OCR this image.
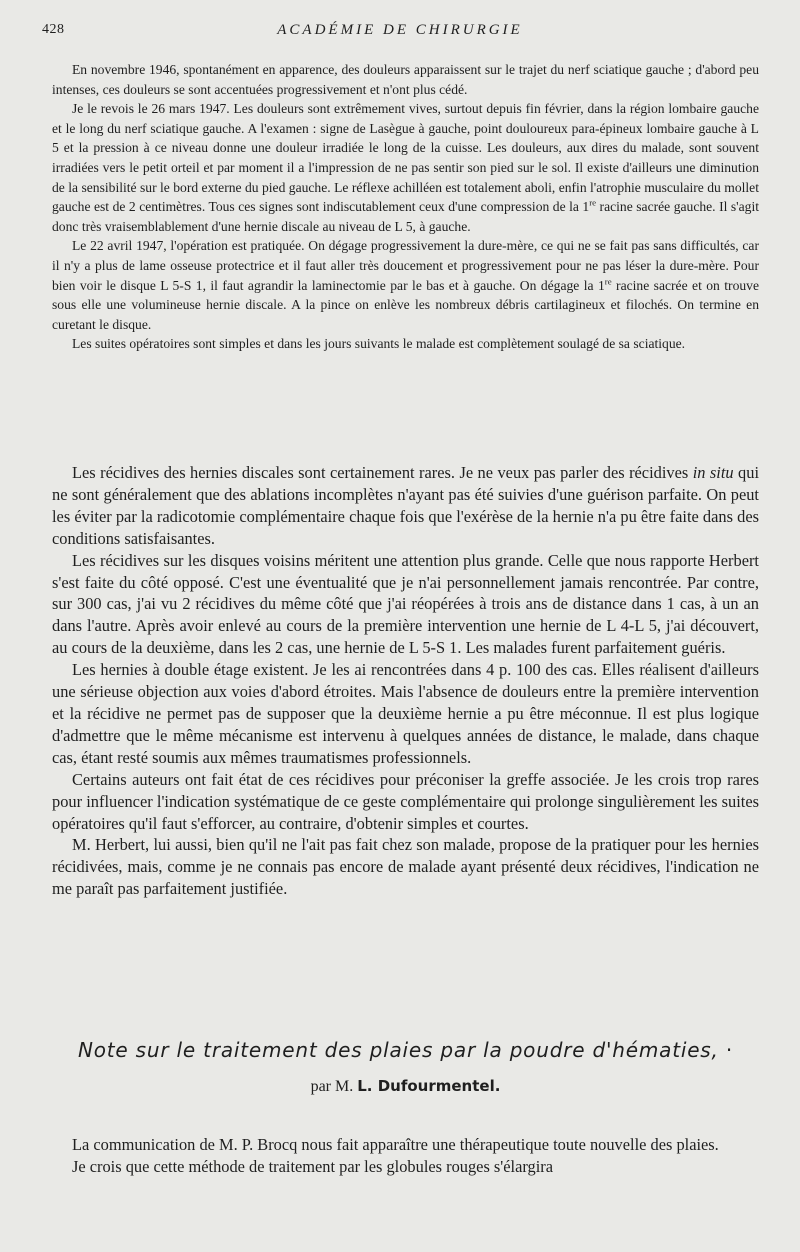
428	ACADÉMIE DE CHIRURGIE

En novembre 1946, spontanément en apparence, des douleurs apparaissent sur le trajet du nerf sciatique gauche ; d'abord peu intenses, ces douleurs se sont accentuées progressivement et n'ont plus cédé.

Je le revois le 26 mars 1947. Les douleurs sont extrêmement vives, surtout depuis fin février, dans la région lombaire gauche et le long du nerf sciatique gauche. A l'examen : signe de Lasègue à gauche, point douloureux para-épineux lombaire gauche à L 5 et la pression à ce niveau donne une douleur irradiée le long de la cuisse. Les douleurs, aux dires du malade, sont souvent irradiées vers le petit orteil et par moment il a l'impression de ne pas sentir son pied sur le sol. Il existe d'ailleurs une diminution de la sensibilité sur le bord externe du pied gauche. Le réflexe achilléen est totalement aboli, enfin l'atrophie musculaire du mollet gauche est de 2 centimètres. Tous ces signes sont indiscutablement ceux d'une compression de la 1re racine sacrée gauche. Il s'agit donc très vraisemblablement d'une hernie discale au niveau de L 5, à gauche.

Le 22 avril 1947, l'opération est pratiquée. On dégage progressivement la dure-mère, ce qui ne se fait pas sans difficultés, car il n'y a plus de lame osseuse protectrice et il faut aller très doucement et progressivement pour ne pas léser la dure-mère. Pour bien voir le disque L 5-S 1, il faut agrandir la laminectomie par le bas et à gauche. On dégage la 1re racine sacrée et on trouve sous elle une volumineuse hernie discale. A la pince on enlève les nombreux débris cartilagineux et filochés. On termine en curetant le disque.

Les suites opératoires sont simples et dans les jours suivants le malade est complètement soulagé de sa sciatique.

Les récidives des hernies discales sont certainement rares. Je ne veux pas parler des récidives in situ qui ne sont généralement que des ablations incomplètes n'ayant pas été suivies d'une guérison parfaite. On peut les éviter par la radicotomie complémentaire chaque fois que l'exérèse de la hernie n'a pu être faite dans des conditions satisfaisantes.

Les récidives sur les disques voisins méritent une attention plus grande. Celle que nous rapporte Herbert s'est faite du côté opposé. C'est une éventualité que je n'ai personnellement jamais rencontrée. Par contre, sur 300 cas, j'ai vu 2 récidives du même côté que j'ai réopérées à trois ans de distance dans 1 cas, à un an dans l'autre. Après avoir enlevé au cours de la première intervention une hernie de L 4-L 5, j'ai découvert, au cours de la deuxième, dans les 2 cas, une hernie de L 5-S 1. Les malades furent parfaitement guéris.

Les hernies à double étage existent. Je les ai rencontrées dans 4 p. 100 des cas. Elles réalisent d'ailleurs une sérieuse objection aux voies d'abord étroites. Mais l'absence de douleurs entre la première intervention et la récidive ne permet pas de supposer que la deuxième hernie a pu être méconnue. Il est plus logique d'admettre que le même mécanisme est intervenu à quelques années de distance, le malade, dans chaque cas, étant resté soumis aux mêmes traumatismes professionnels.

Certains auteurs ont fait état de ces récidives pour préconiser la greffe associée. Je les crois trop rares pour influencer l'indication systématique de ce geste complémentaire qui prolonge singulièrement les suites opératoires qu'il faut s'efforcer, au contraire, d'obtenir simples et courtes.

M. Herbert, lui aussi, bien qu'il ne l'ait pas fait chez son malade, propose de la pratiquer pour les hernies récidivées, mais, comme je ne connais pas encore de malade ayant présenté deux récidives, l'indication ne me paraît pas parfaitement justifiée.

Note sur le traitement des plaies par la poudre d'hématies, ·
par M. L. Dufourmentel.

La communication de M. P. Brocq nous fait apparaître une thérapeutique toute nouvelle des plaies.

Je crois que cette méthode de traitement par les globules rouges s'élargira
